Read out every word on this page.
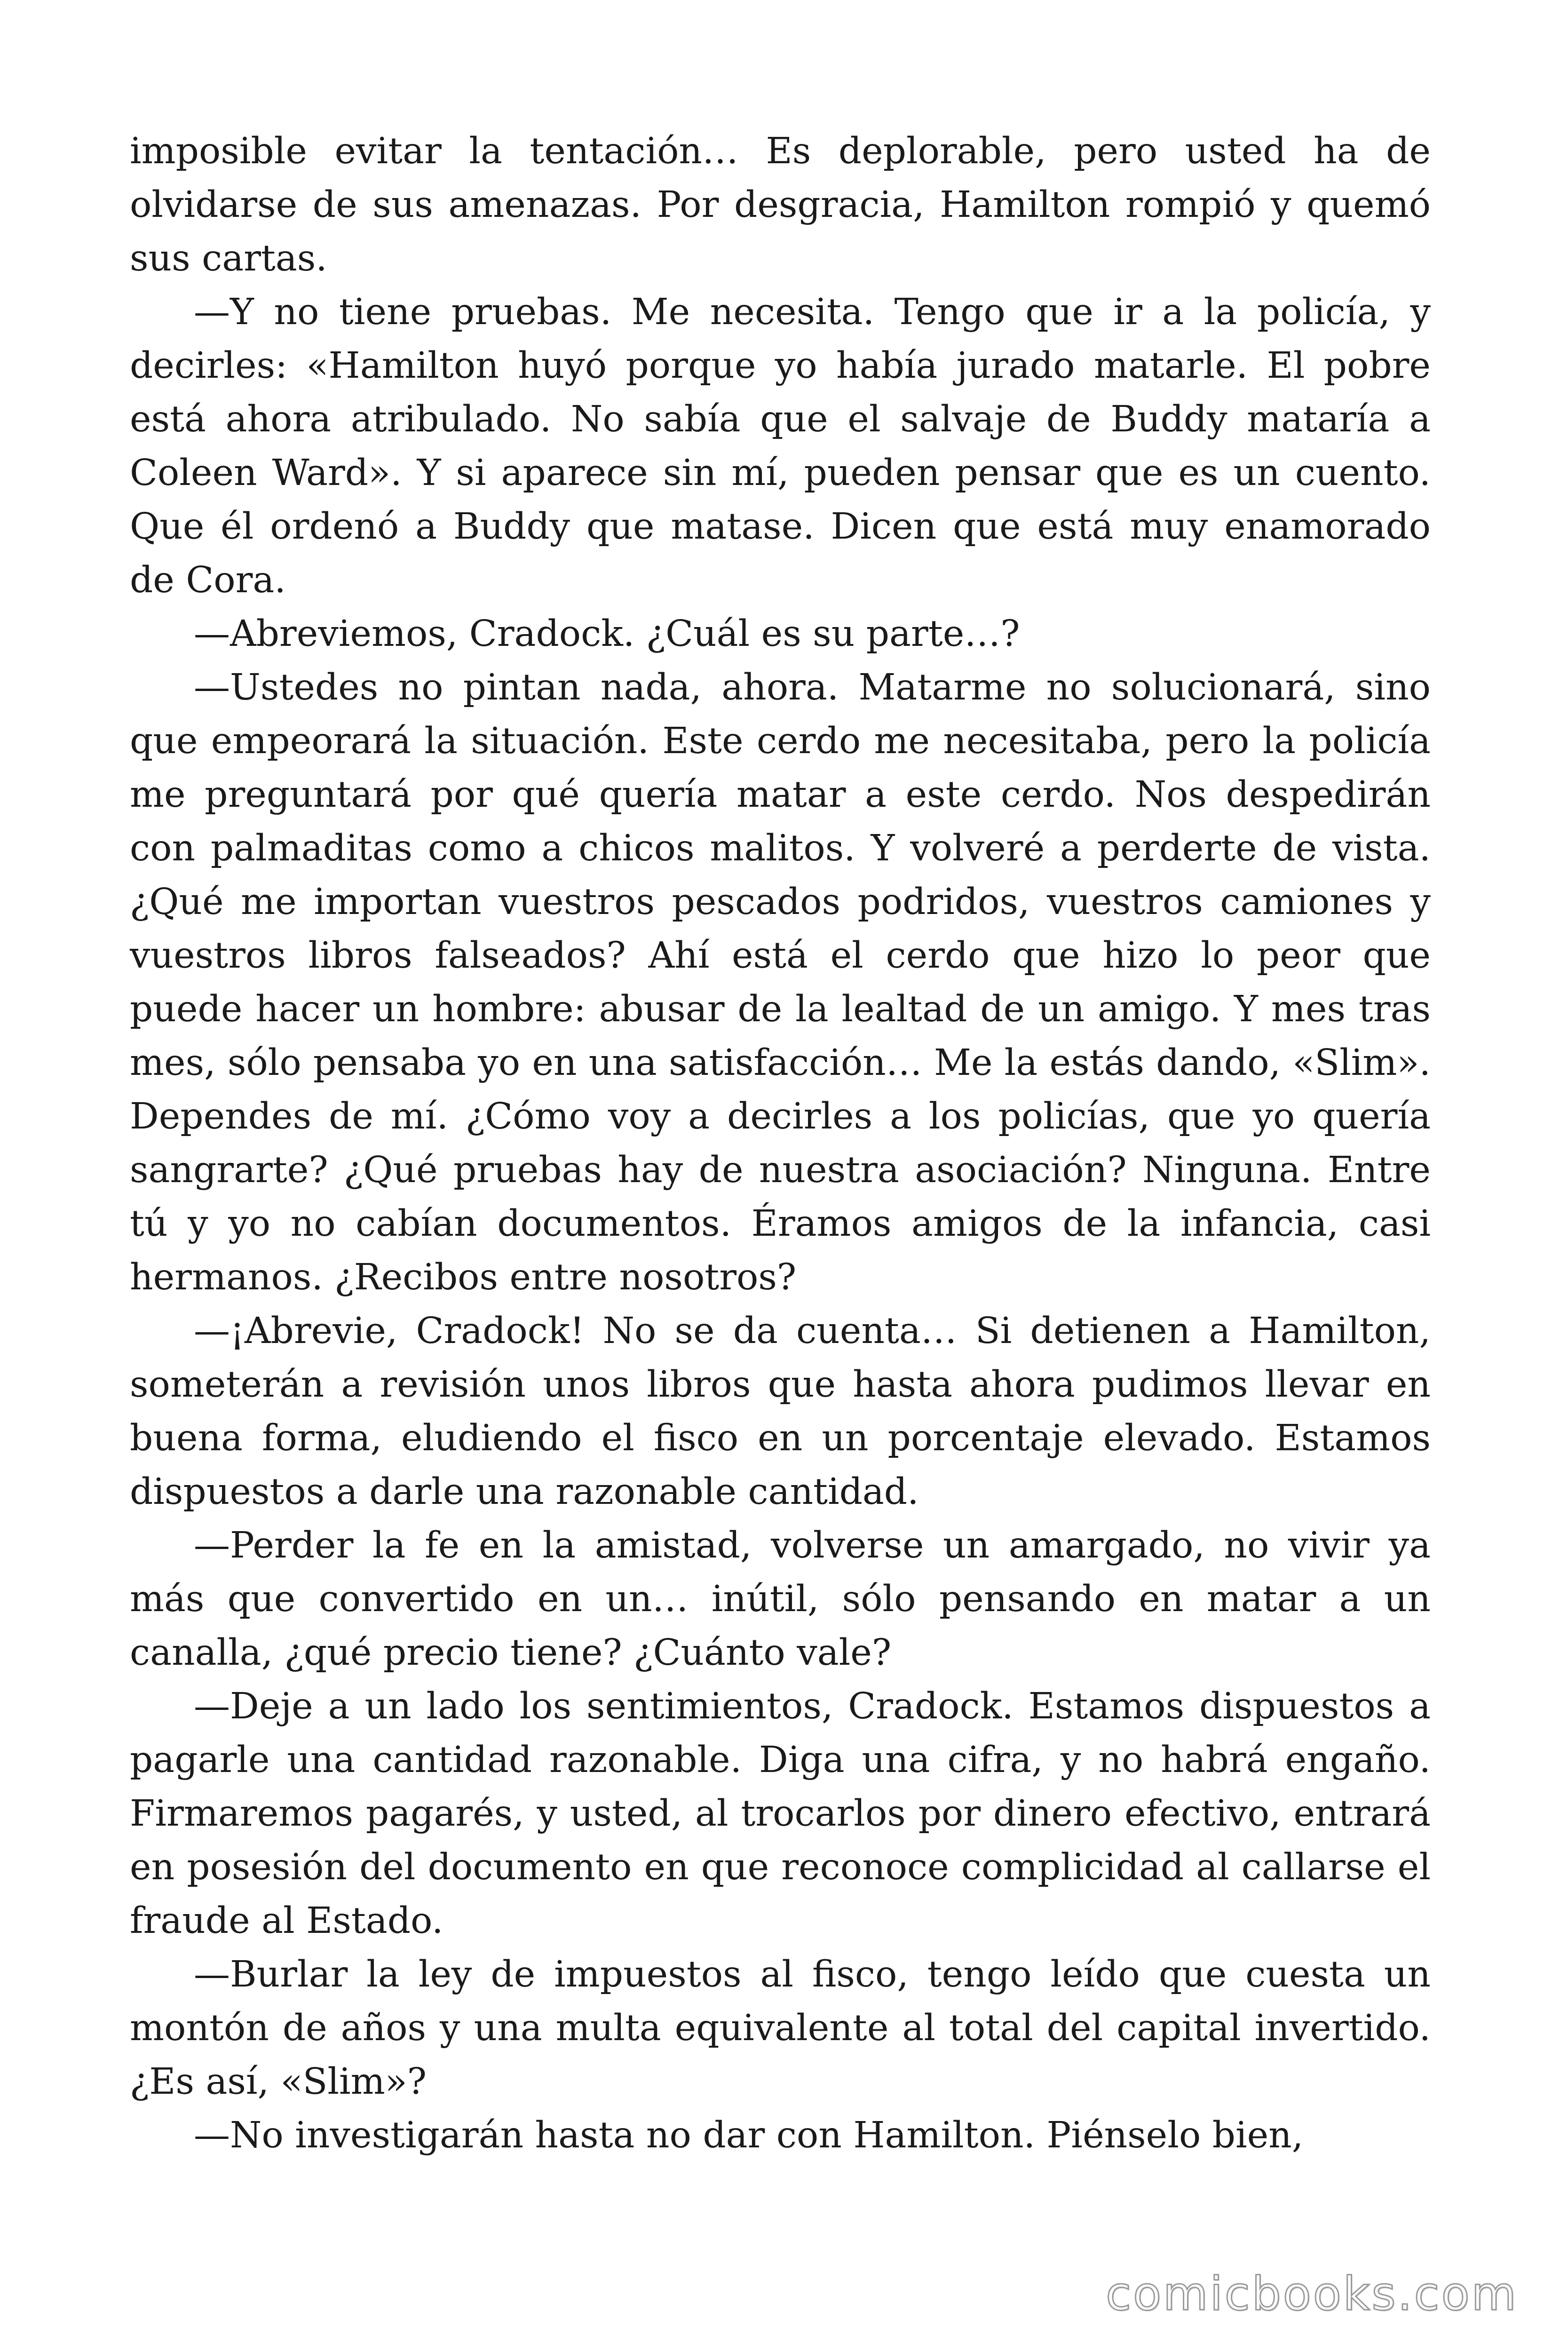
imposible evitar la tentación… Es deplorable, pero usted ha de olvidarse de sus amenazas. Por desgracia, Hamilton rompió y quemó sus cartas.

—Y no tiene pruebas. Me necesita. Tengo que ir a la policía, y decirles: «Hamilton huyó porque yo había jurado matarle. El pobre está ahora atribulado. No sabía que el salvaje de Buddy mataría a Coleen Ward». Y si aparece sin mí, pueden pensar que es un cuento. Que él ordenó a Buddy que matase. Dicen que está muy enamorado de Cora.

—Abreviemos, Cradock. ¿Cuál es su parte…?

—Ustedes no pintan nada, ahora. Matarme no solucionará, sino que empeorará la situación. Este cerdo me necesitaba, pero la policía me preguntará por qué quería matar a este cerdo. Nos despedirán con palmaditas como a chicos malitos. Y volveré a perderte de vista. ¿Qué me importan vuestros pescados podridos, vuestros camiones y vuestros libros falseados? Ahí está el cerdo que hizo lo peor que puede hacer un hombre: abusar de la lealtad de un amigo. Y mes tras mes, sólo pensaba yo en una satisfacción… Me la estás dando, «Slim». Dependes de mí. ¿Cómo voy a decirles a los policías, que yo quería sangrarte? ¿Qué pruebas hay de nuestra asociación? Ninguna. Entre tú y yo no cabían documentos. Éramos amigos de la infancia, casi hermanos. ¿Recibos entre nosotros?

—¡Abrevie, Cradock! No se da cuenta… Si detienen a Hamilton, someterán a revisión unos libros que hasta ahora pudimos llevar en buena forma, eludiendo el fisco en un porcentaje elevado. Estamos dispuestos a darle una razonable cantidad.

—Perder la fe en la amistad, volverse un amargado, no vivir ya más que convertido en un… inútil, sólo pensando en matar a un canalla, ¿qué precio tiene? ¿Cuánto vale?

—Deje a un lado los sentimientos, Cradock. Estamos dispuestos a pagarle una cantidad razonable. Diga una cifra, y no habrá engaño. Firmaremos pagarés, y usted, al trocarlos por dinero efectivo, entrará en posesión del documento en que reconoce complicidad al callarse el fraude al Estado.

—Burlar la ley de impuestos al fisco, tengo leído que cuesta un montón de años y una multa equivalente al total del capital invertido. ¿Es así, «Slim»?

—No investigarán hasta no dar con Hamilton. Piénselo bien,

comicbooks.com
